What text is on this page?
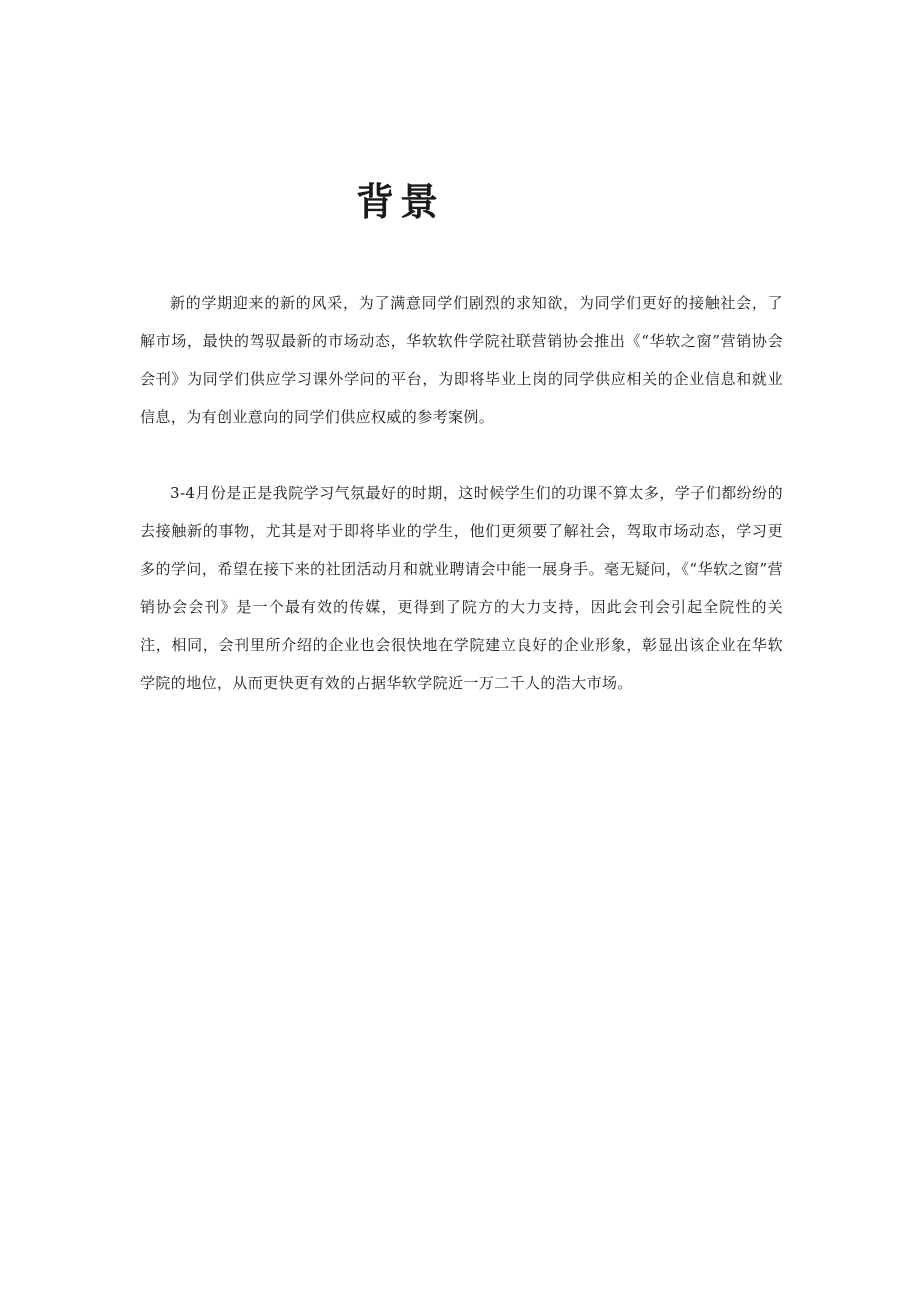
背景

新的学期迎来的新的风采，为了满意同学们剧烈的求知欲，为同学们更好的接触社会，了解市场，最快的驾驭最新的市场动态，华软软件学院社联营销协会推出《“华软之窗”营销协会会刊》为同学们供应学习课外学问的平台，为即将毕业上岗的同学供应相关的企业信息和就业信息，为有创业意向的同学们供应权威的参考案例。

3-4月份是正是我院学习气氛最好的时期，这时候学生们的功课不算太多，学子们都纷纷的去接触新的事物，尤其是对于即将毕业的学生，他们更须要了解社会，驾取市场动态，学习更多的学问，希望在接下来的社团活动月和就业聘请会中能一展身手。毫无疑问，《“华软之窗”营销协会会刊》是一个最有效的传媒，更得到了院方的大力支持，因此会刊会引起全院性的关注，相同，会刊里所介绍的企业也会很快地在学院建立良好的企业形象，彰显出该企业在华软学院的地位，从而更快更有效的占据华软学院近一万二千人的浩大市场。
